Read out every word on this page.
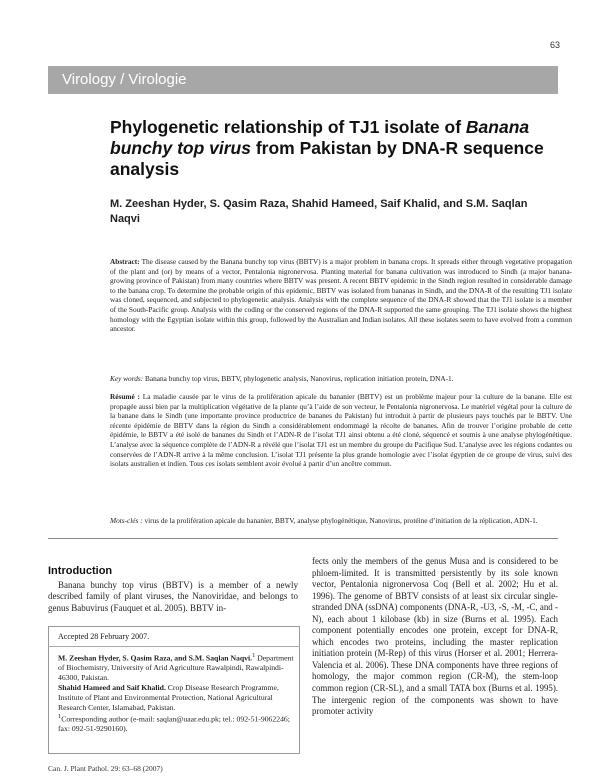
63
Virology / Virologie
Phylogenetic relationship of TJ1 isolate of Banana bunchy top virus from Pakistan by DNA-R sequence analysis
M. Zeeshan Hyder, S. Qasim Raza, Shahid Hameed, Saif Khalid, and S.M. Saqlan Naqvi
Abstract: The disease caused by the Banana bunchy top virus (BBTV) is a major problem in banana crops. It spreads either through vegetative propagation of the plant and (or) by means of a vector, Pentalonia nigronervosa. Planting material for banana cultivation was introduced to Sindh (a major banana-growing province of Pakistan) from many countries where BBTV was present. A recent BBTV epidemic in the Sindh region resulted in considerable damage to the banana crop. To determine the probable origin of this epidemic, BBTV was isolated from bananas in Sindh, and the DNA-R of the resulting TJ1 isolate was cloned, sequenced, and subjected to phylogenetic analysis. Analysis with the complete sequence of the DNA-R showed that the TJ1 isolate is a member of the South-Pacific group. Analysis with the coding or the conserved regions of the DNA-R supported the same grouping. The TJ1 isolate shows the highest homology with the Egyptian isolate within this group, followed by the Australian and Indian isolates. All these isolates seem to have evolved from a common ancestor.
Key words: Banana bunchy top virus, BBTV, phylogenetic analysis, Nanovirus, replication initiation protein, DNA-1.
Résumé : La maladie causée par le virus de la prolifération apicale du bananier (BBTV) est un problème majeur pour la culture de la banane. Elle est propagée aussi bien par la multiplication végétative de la plante qu’à l’aide de son vecteur, le Pentalonia nigronervosa. Le matériel végétal pour la culture de la banane dans le Sindh (une importante province productrice de bananes du Pakistan) fut introduit à partir de plusieurs pays touchés par le BBTV. Une récente épidémie de BBTV dans la région du Sindh a considérablement endommagé la récolte de bananes. Afin de trouver l’origine probable de cette épidémie, le BBTV a été isolé de bananes du Sindh et l’ADN-R de l’isolat TJ1 ainsi obtenu a été cloné, séquencé et soumis à une analyse phylogénétique. L’analyse avec la séquence complète de l’ADN-R a révélé que l’isolat TJ1 est un membre du groupe du Pacifique Sud. L’analyse avec les régions codantes ou conservées de l’ADN-R arrive à la même conclusion. L’isolat TJ1 présente la plus grande homologie avec l’isolat égyptien de ce groupe de virus, suivi des isolats australien et indien. Tous ces isolats semblent avoir évolué à partir d’un ancêtre commun.
Mots-clés : virus de la prolifération apicale du bananier, BBTV, analyse phylogénétique, Nanovirus, protéine d’initiation de la réplication, ADN-1.
Introduction
Banana bunchy top virus (BBTV) is a member of a newly described family of plant viruses, the Nanoviridae, and belongs to genus Babuvirus (Fauquet et al. 2005). BBTV in-
Accepted 28 February 2007.
M. Zeeshan Hyder, S. Qasim Raza, and S.M. Saqlan Naqvi.$^1$ Department of Biochemistry, University of Arid Agriculture Rawalpindi, Rawalpindi-46300, Pakistan.
Shahid Hameed and Saif Khalid. Crop Disease Research Programme, Institute of Plant and Environmental Protection, National Agricultural Research Center, Islamabad, Pakistan.
$^1$Corresponding author (e-mail: saqlan@uaar.edu.pk; tel.: 092-51-9062246; fax: 092-51-9290160).
fects only the members of the genus Musa and is considered to be phloem-limited. It is transmitted persistently by its sole known vector, Pentalonia nigronervosa Coq (Bell et al. 2002; Hu et al. 1996). The genome of BBTV consists of at least six circular single-stranded DNA (ssDNA) components (DNA-R, -U3, -S, -M, -C, and -N), each about 1 kilobase (kb) in size (Burns et al. 1995). Each component potentially encodes one protein, except for DNA-R, which encodes two proteins, including the master replication initiation protein (M-Rep) of this virus (Horser et al. 2001; Herrera-Valencia et al. 2006). These DNA components have three regions of homology, the major common region (CR-M), the stem-loop common region (CR-SL), and a small TATA box (Burns et al. 1995). The intergenic region of the components was shown to have promoter activity
Can. J. Plant Pathol. 29: 63–68 (2007)
